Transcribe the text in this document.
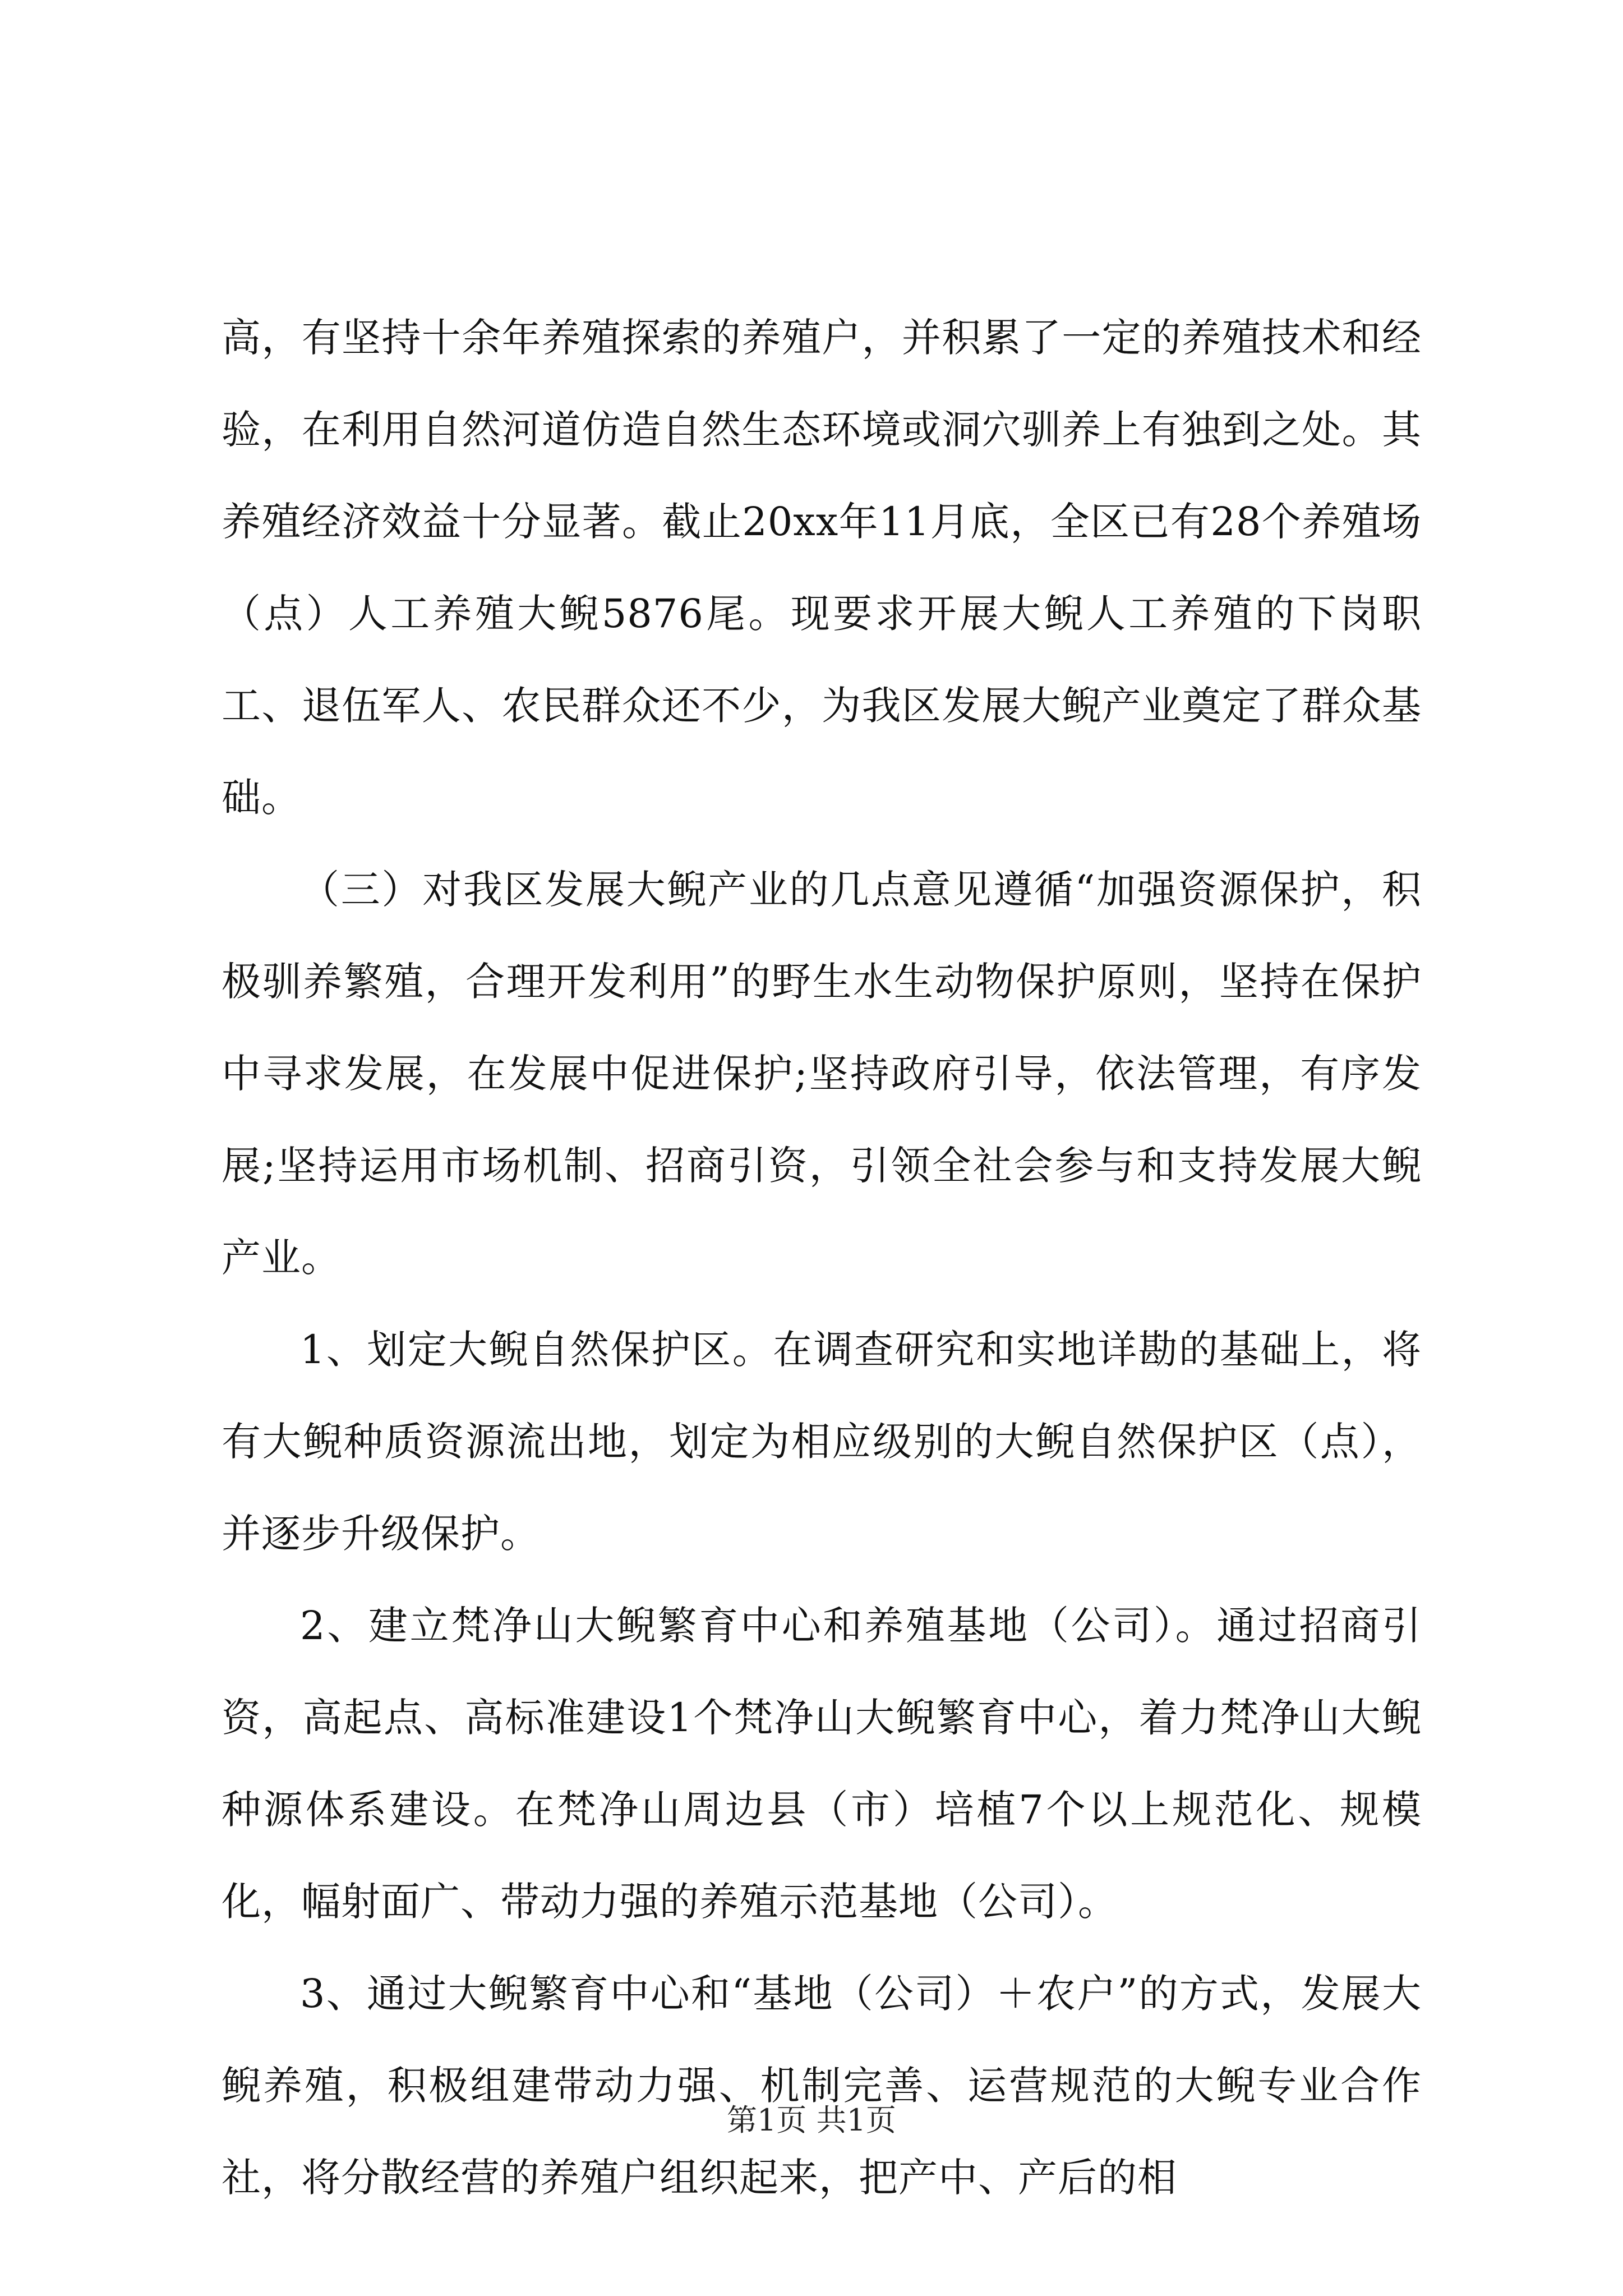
高，有坚持十余年养殖探索的养殖户，并积累了一定的养殖技术和经验，在利用自然河道仿造自然生态环境或洞穴驯养上有独到之处。其养殖经济效益十分显著。截止20xx年11月底，全区已有28个养殖场（点）人工养殖大鲵5876尾。现要求开展大鲵人工养殖的下岗职工、退伍军人、农民群众还不少，为我区发展大鲵产业奠定了群众基础。

（三）对我区发展大鲵产业的几点意见遵循“加强资源保护，积极驯养繁殖，合理开发利用”的野生水生动物保护原则，坚持在保护中寻求发展，在发展中促进保护;坚持政府引导，依法管理，有序发展;坚持运用市场机制、招商引资，引领全社会参与和支持发展大鲵产业。

1、划定大鲵自然保护区。在调查研究和实地详勘的基础上，将有大鲵种质资源流出地，划定为相应级别的大鲵自然保护区（点），并逐步升级保护。

2、建立梵净山大鲵繁育中心和养殖基地（公司）。通过招商引资，高起点、高标准建设1个梵净山大鲵繁育中心，着力梵净山大鲵种源体系建设。在梵净山周边县（市）培植7个以上规范化、规模化，幅射面广、带动力强的养殖示范基地（公司）。

3、通过大鲵繁育中心和“基地（公司）＋农户”的方式，发展大鲵养殖，积极组建带动力强、机制完善、运营规范的大鲵专业合作社，将分散经营的养殖户组织起来，把产中、产后的相

第1页 共1页
